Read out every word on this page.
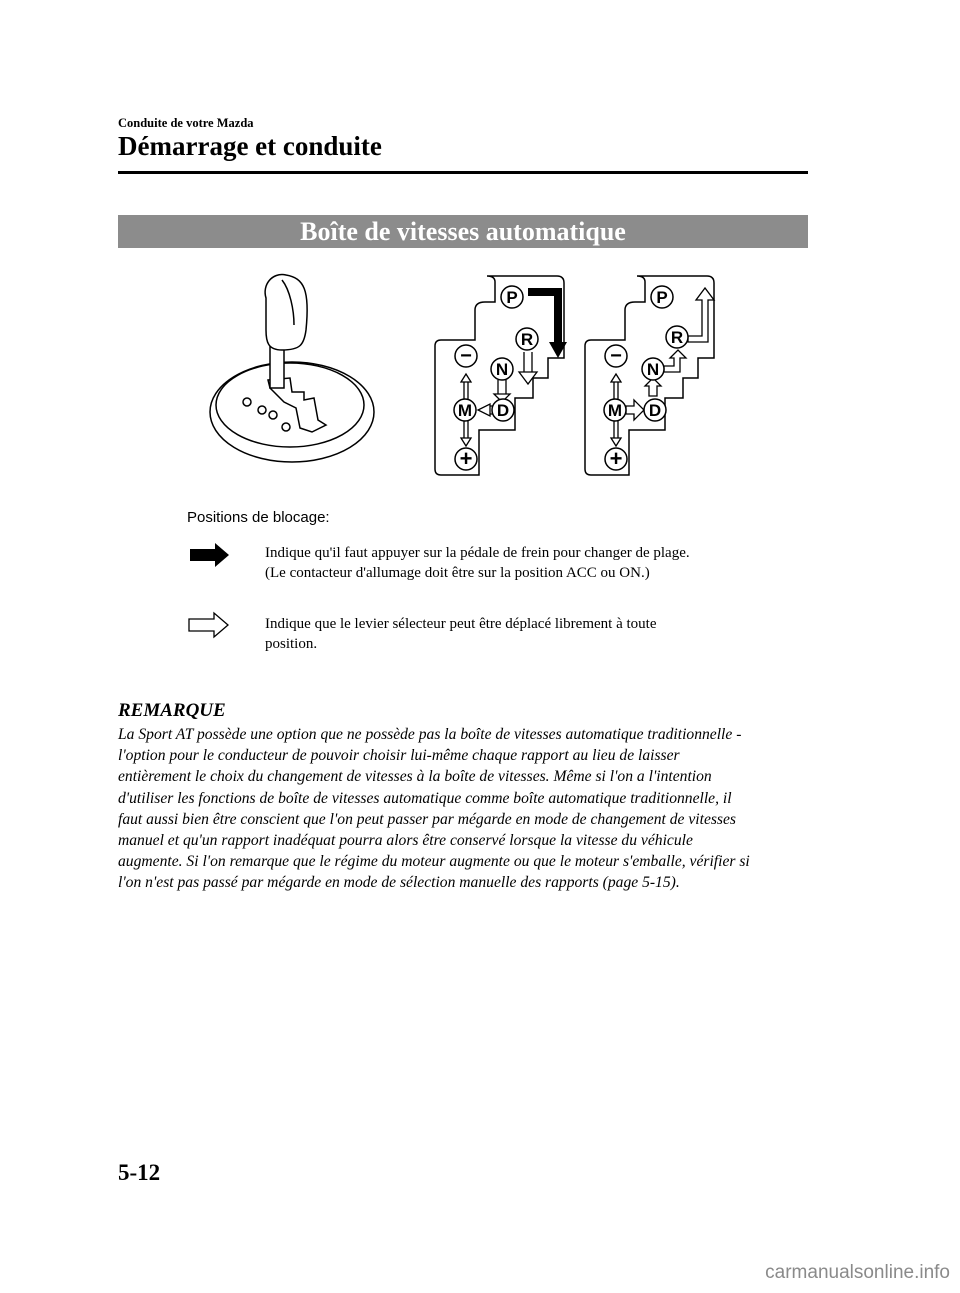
Conduite de votre Mazda
Démarrage et conduite
Boîte de vitesses automatique
P
R
N
D
M
−
+
P
R
N
D
M
−
+
Positions de blocage:
Indique qu'il faut appuyer sur la pédale de frein pour changer de plage.
(Le contacteur d'allumage doit être sur la position ACC ou ON.)
Indique que le levier sélecteur peut être déplacé librement à toute
position.
REMARQUE
La Sport AT possède une option que ne possède pas la boîte de vitesses automatique traditionnelle -
l'option pour le conducteur de pouvoir choisir lui-même chaque rapport au lieu de laisser
entièrement le choix du changement de vitesses à la boîte de vitesses. Même si l'on a l'intention
d'utiliser les fonctions de boîte de vitesses automatique comme boîte automatique traditionnelle, il
faut aussi bien être conscient que l'on peut passer par mégarde en mode de changement de vitesses
manuel et qu'un rapport inadéquat pourra alors être conservé lorsque la vitesse du véhicule
augmente. Si l'on remarque que le régime du moteur augmente ou que le moteur s'emballe, vérifier si
l'on n'est pas passé par mégarde en mode de sélection manuelle des rapports (page 5-15).
5-12
carmanualsonline.info
